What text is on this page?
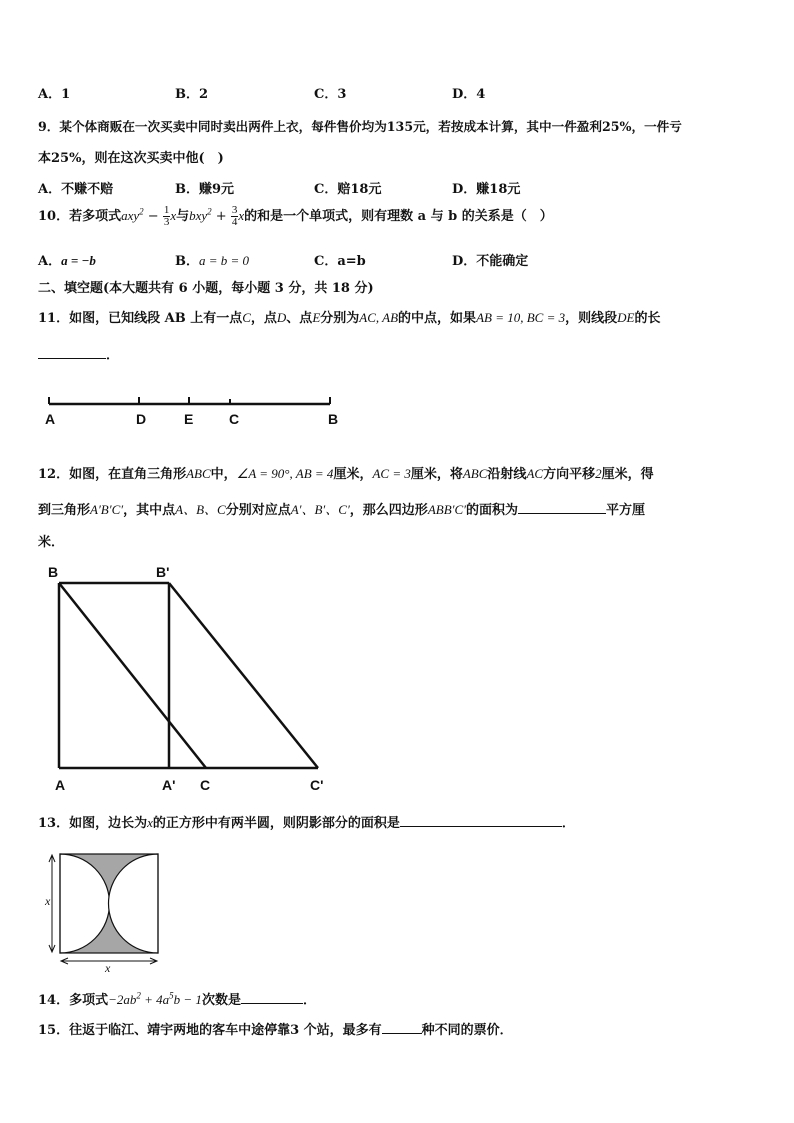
A．1	B．2	C．3	D．4
9．某个体商贩在一次买卖中同时卖出两件上衣，每件售价均为135元，若按成本计算，其中一件盈利25%，一件亏
本25%，则在这次买卖中他(　)
A．不赚不赔	B．赚9元	C．赔18元	D．赚18元
10．若多项式$axy^2 - \frac{1}{3}$ x与$bxy^2 + \frac{3}{4}$ x的和是一个单项式，则有理数 a 与 b 的关系是（　）
A．a = −b	B．a = b = 0	C．a=b	D．不能确定
二、填空题(本大题共有 6 小题，每小题 3 分，共 18 分)
11．如图，已知线段 AB 上有一点C，点D、点E分别为AC, AB的中点，如果AB = 10, BC = 3，则线段DE的长
．
A	D	E	C	B
12．如图，在直角三角形ABC中，∠A = 90°, AB = 4厘米，AC = 3厘米，将ABC沿射线AC方向平移2厘米，得
到三角形A′B′C′，其中点A、B、C分别对应点A′、B′、C′，那么四边形ABB′C′的面积为	平方厘
米．
B	B'
A	A' C	C'
13．如图，边长为x的正方形中有两半圆，则阴影部分的面积是	．
x
x
14．多项式$-2ab^2 + 4a^5b - 1$次数是	．
15．往返于临江、靖宇两地的客车中途停靠3 个站，最多有	种不同的票价．
